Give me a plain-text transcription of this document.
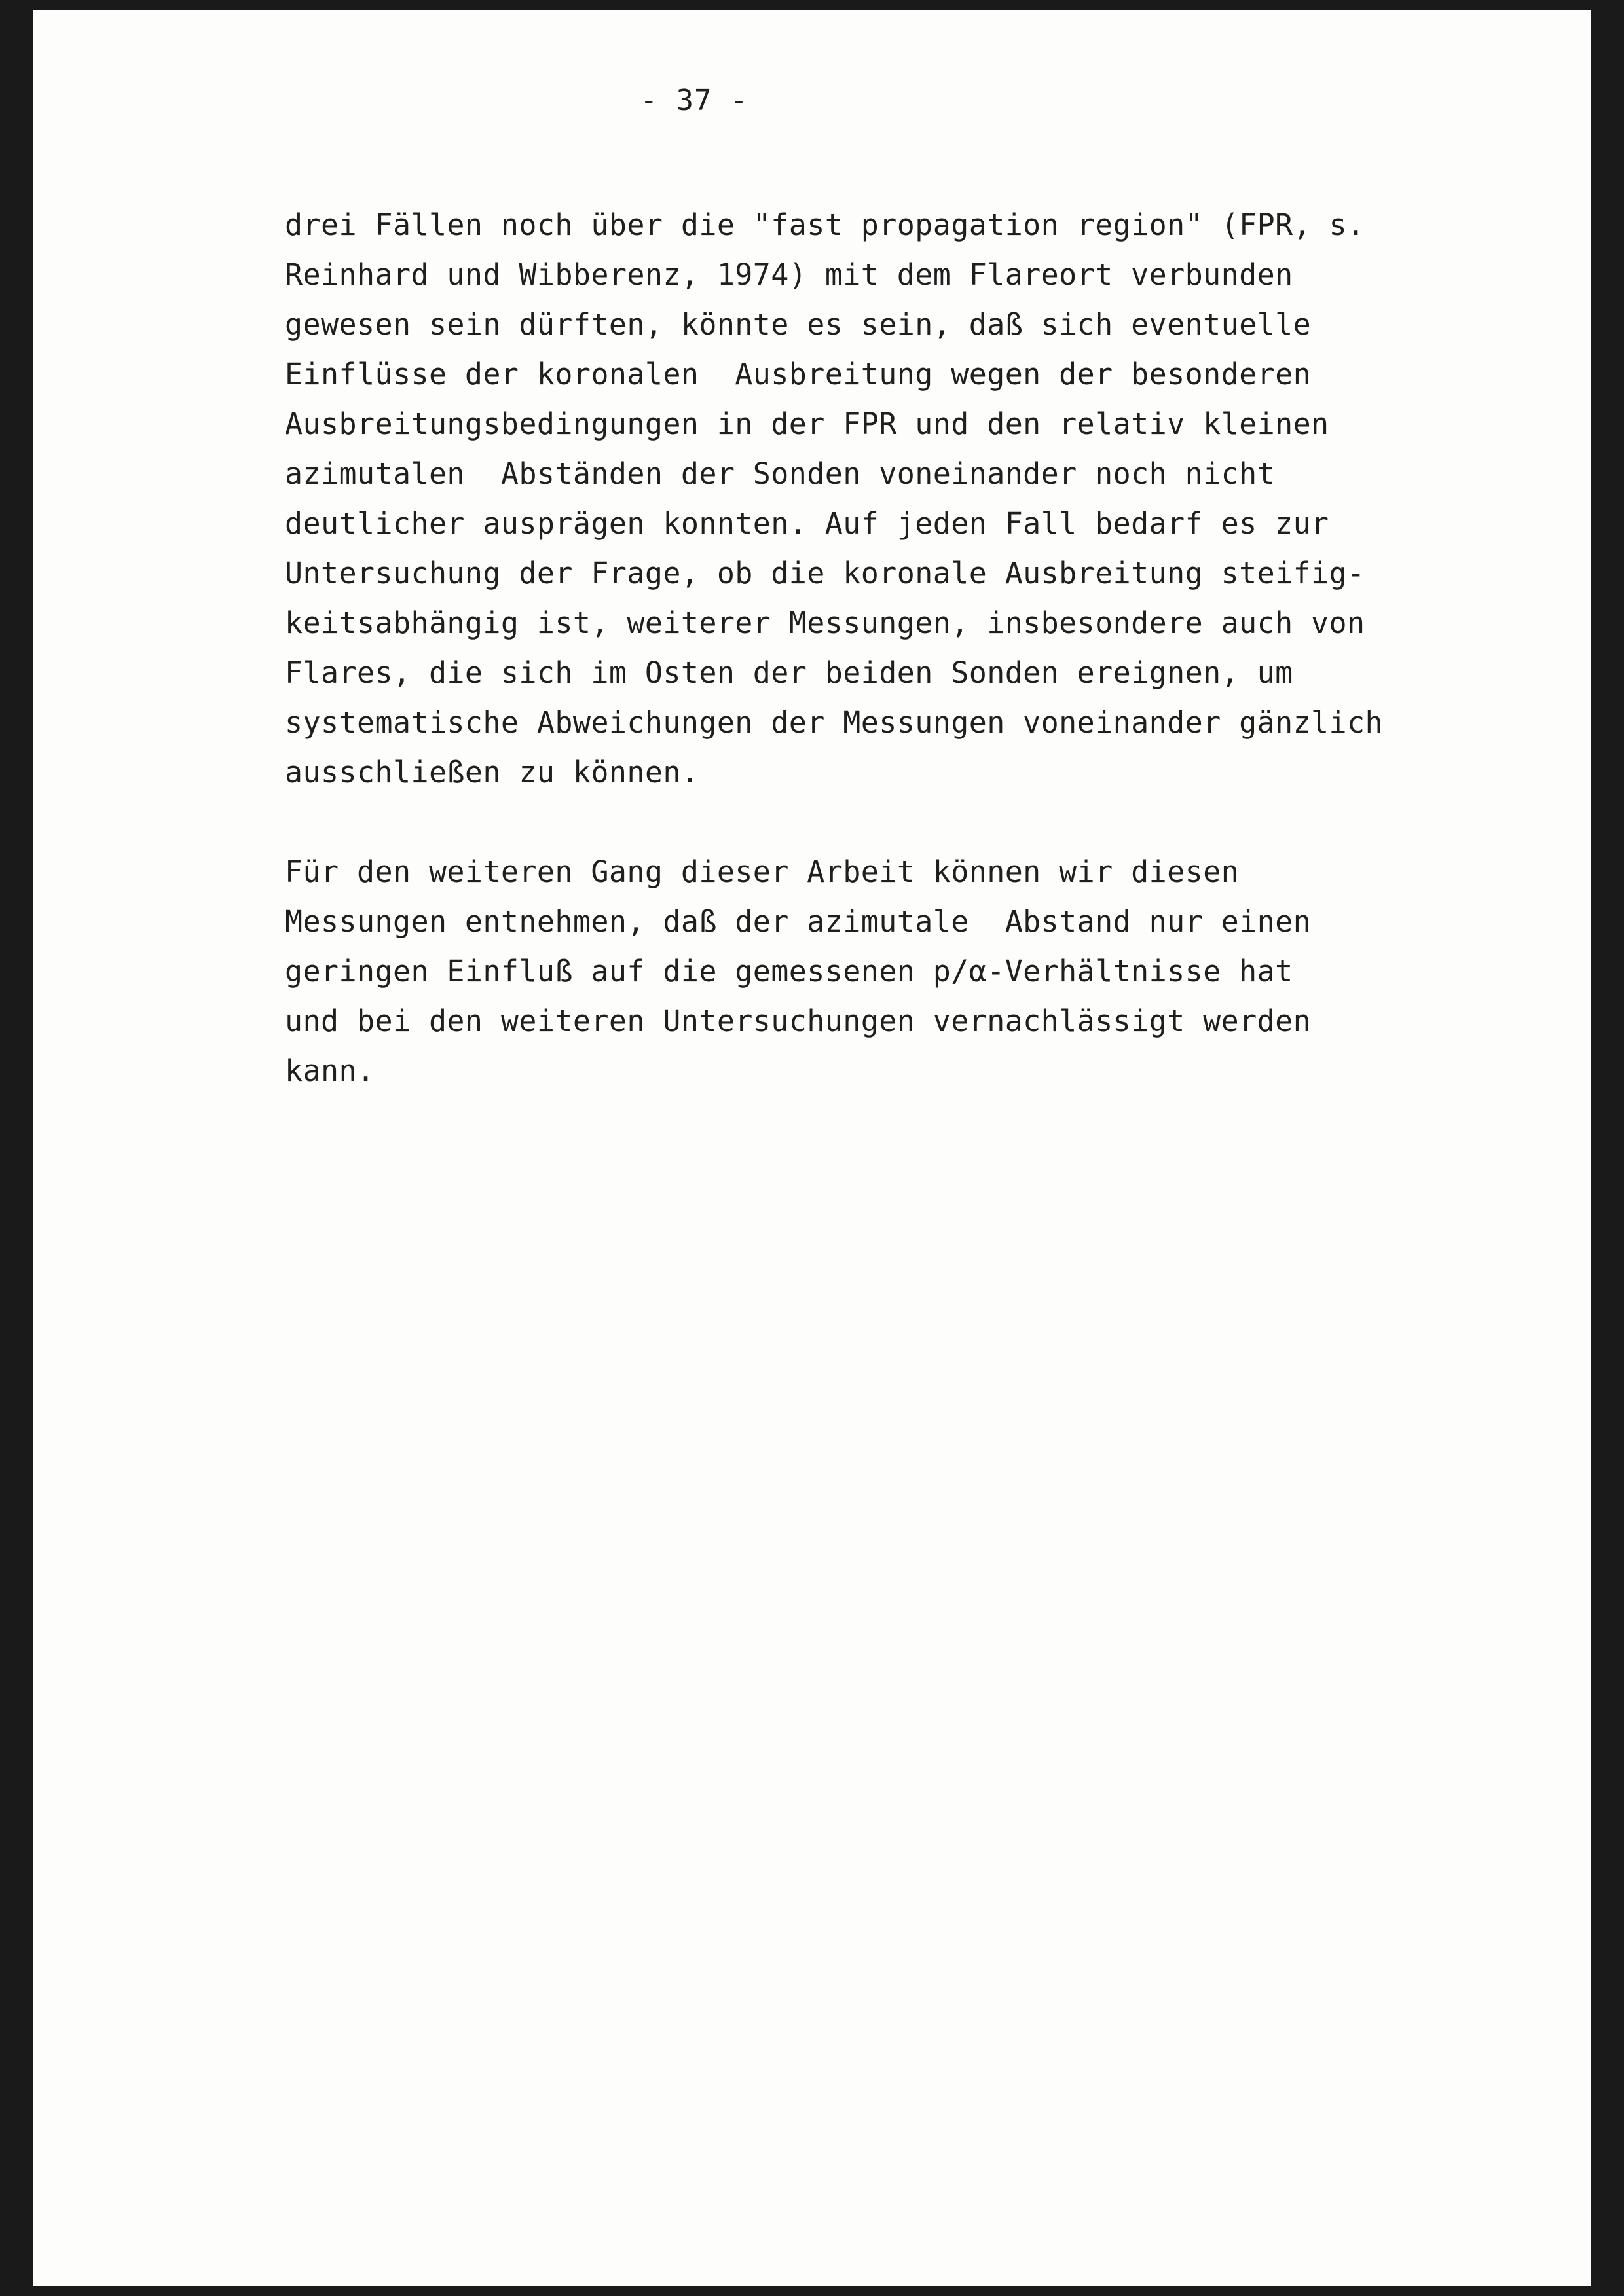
- 37 -
drei Fällen noch über die "fast propagation region" (FPR, s.
Reinhard und Wibberenz, 1974) mit dem Flareort verbunden
gewesen sein dürften, könnte es sein, daß sich eventuelle
Einflüsse der koronalen  Ausbreitung wegen der besonderen
Ausbreitungsbedingungen in der FPR und den relativ kleinen
azimutalen  Abständen der Sonden voneinander noch nicht
deutlicher ausprägen konnten. Auf jeden Fall bedarf es zur
Untersuchung der Frage, ob die koronale Ausbreitung steifig-
keitsabhängig ist, weiterer Messungen, insbesondere auch von
Flares, die sich im Osten der beiden Sonden ereignen, um
systematische Abweichungen der Messungen voneinander gänzlich
ausschließen zu können.
Für den weiteren Gang dieser Arbeit können wir diesen
Messungen entnehmen, daß der azimutale  Abstand nur einen
geringen Einfluß auf die gemessenen p/α-Verhältnisse hat
und bei den weiteren Untersuchungen vernachlässigt werden
kann.
